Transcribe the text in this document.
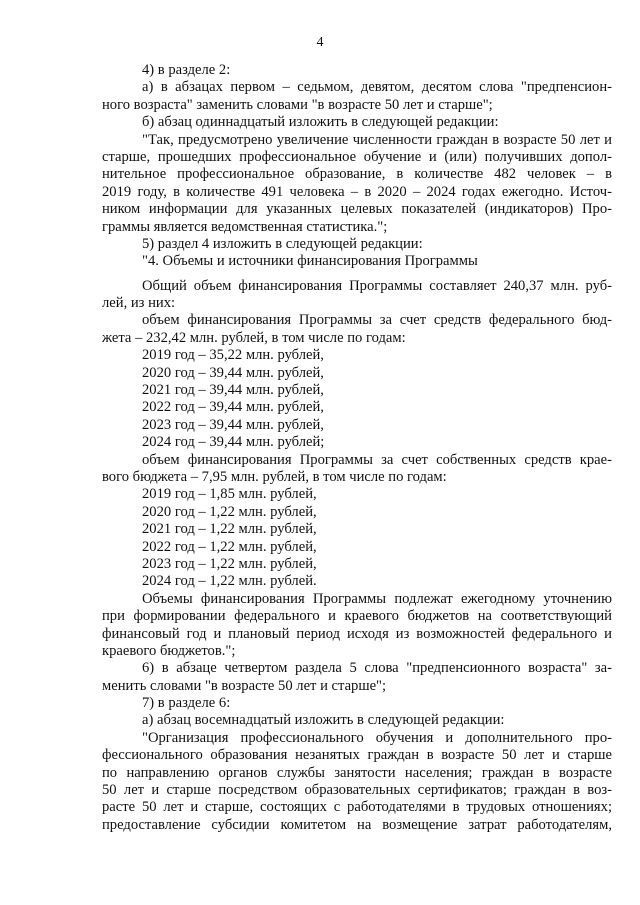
4
4) в разделе 2:
а) в абзацах первом – седьмом, девятом, десятом слова "предпенсион-
ного возраста" заменить словами "в возрасте 50 лет и старше";
б) абзац одиннадцатый изложить в следующей редакции:
"Так, предусмотрено увеличение численности граждан в возрасте 50 лет и
старше, прошедших профессиональное обучение и (или) получивших допол-
нительное профессиональное образование, в количестве 482 человек – в
2019 году, в количестве 491 человека – в 2020 – 2024 годах ежегодно. Источ-
ником информации для указанных целевых показателей (индикаторов) Про-
граммы является ведомственная статистика.";
5) раздел 4 изложить в следующей редакции:
"4. Объемы и источники финансирования Программы
Общий объем финансирования Программы составляет 240,37 млн. руб-
лей, из них:
объем финансирования Программы за счет средств федерального бюд-
жета – 232,42 млн. рублей, в том числе по годам:
2019 год – 35,22 млн. рублей,
2020 год – 39,44 млн. рублей,
2021 год – 39,44 млн. рублей,
2022 год – 39,44 млн. рублей,
2023 год – 39,44 млн. рублей,
2024 год – 39,44 млн. рублей;
объем финансирования Программы за счет собственных средств крае-
вого бюджета – 7,95 млн. рублей, в том числе по годам:
2019 год – 1,85 млн. рублей,
2020 год – 1,22 млн. рублей,
2021 год – 1,22 млн. рублей,
2022 год – 1,22 млн. рублей,
2023 год – 1,22 млн. рублей,
2024 год – 1,22 млн. рублей.
Объемы финансирования Программы подлежат ежегодному уточнению
при формировании федерального и краевого бюджетов на соответствующий
финансовый год и плановый период исходя из возможностей федерального и
краевого бюджетов.";
6) в абзаце четвертом раздела 5 слова "предпенсионного возраста" за-
менить словами "в возрасте 50 лет и старше";
7) в разделе 6:
а) абзац восемнадцатый изложить в следующей редакции:
"Организация профессионального обучения и дополнительного про-
фессионального образования незанятых граждан в возрасте 50 лет и старше
по направлению органов службы занятости населения; граждан в возрасте
50 лет и старше посредством образовательных сертификатов; граждан в воз-
расте 50 лет и старше, состоящих с работодателями в трудовых отношениях;
предоставление субсидии комитетом на возмещение затрат работодателям,
